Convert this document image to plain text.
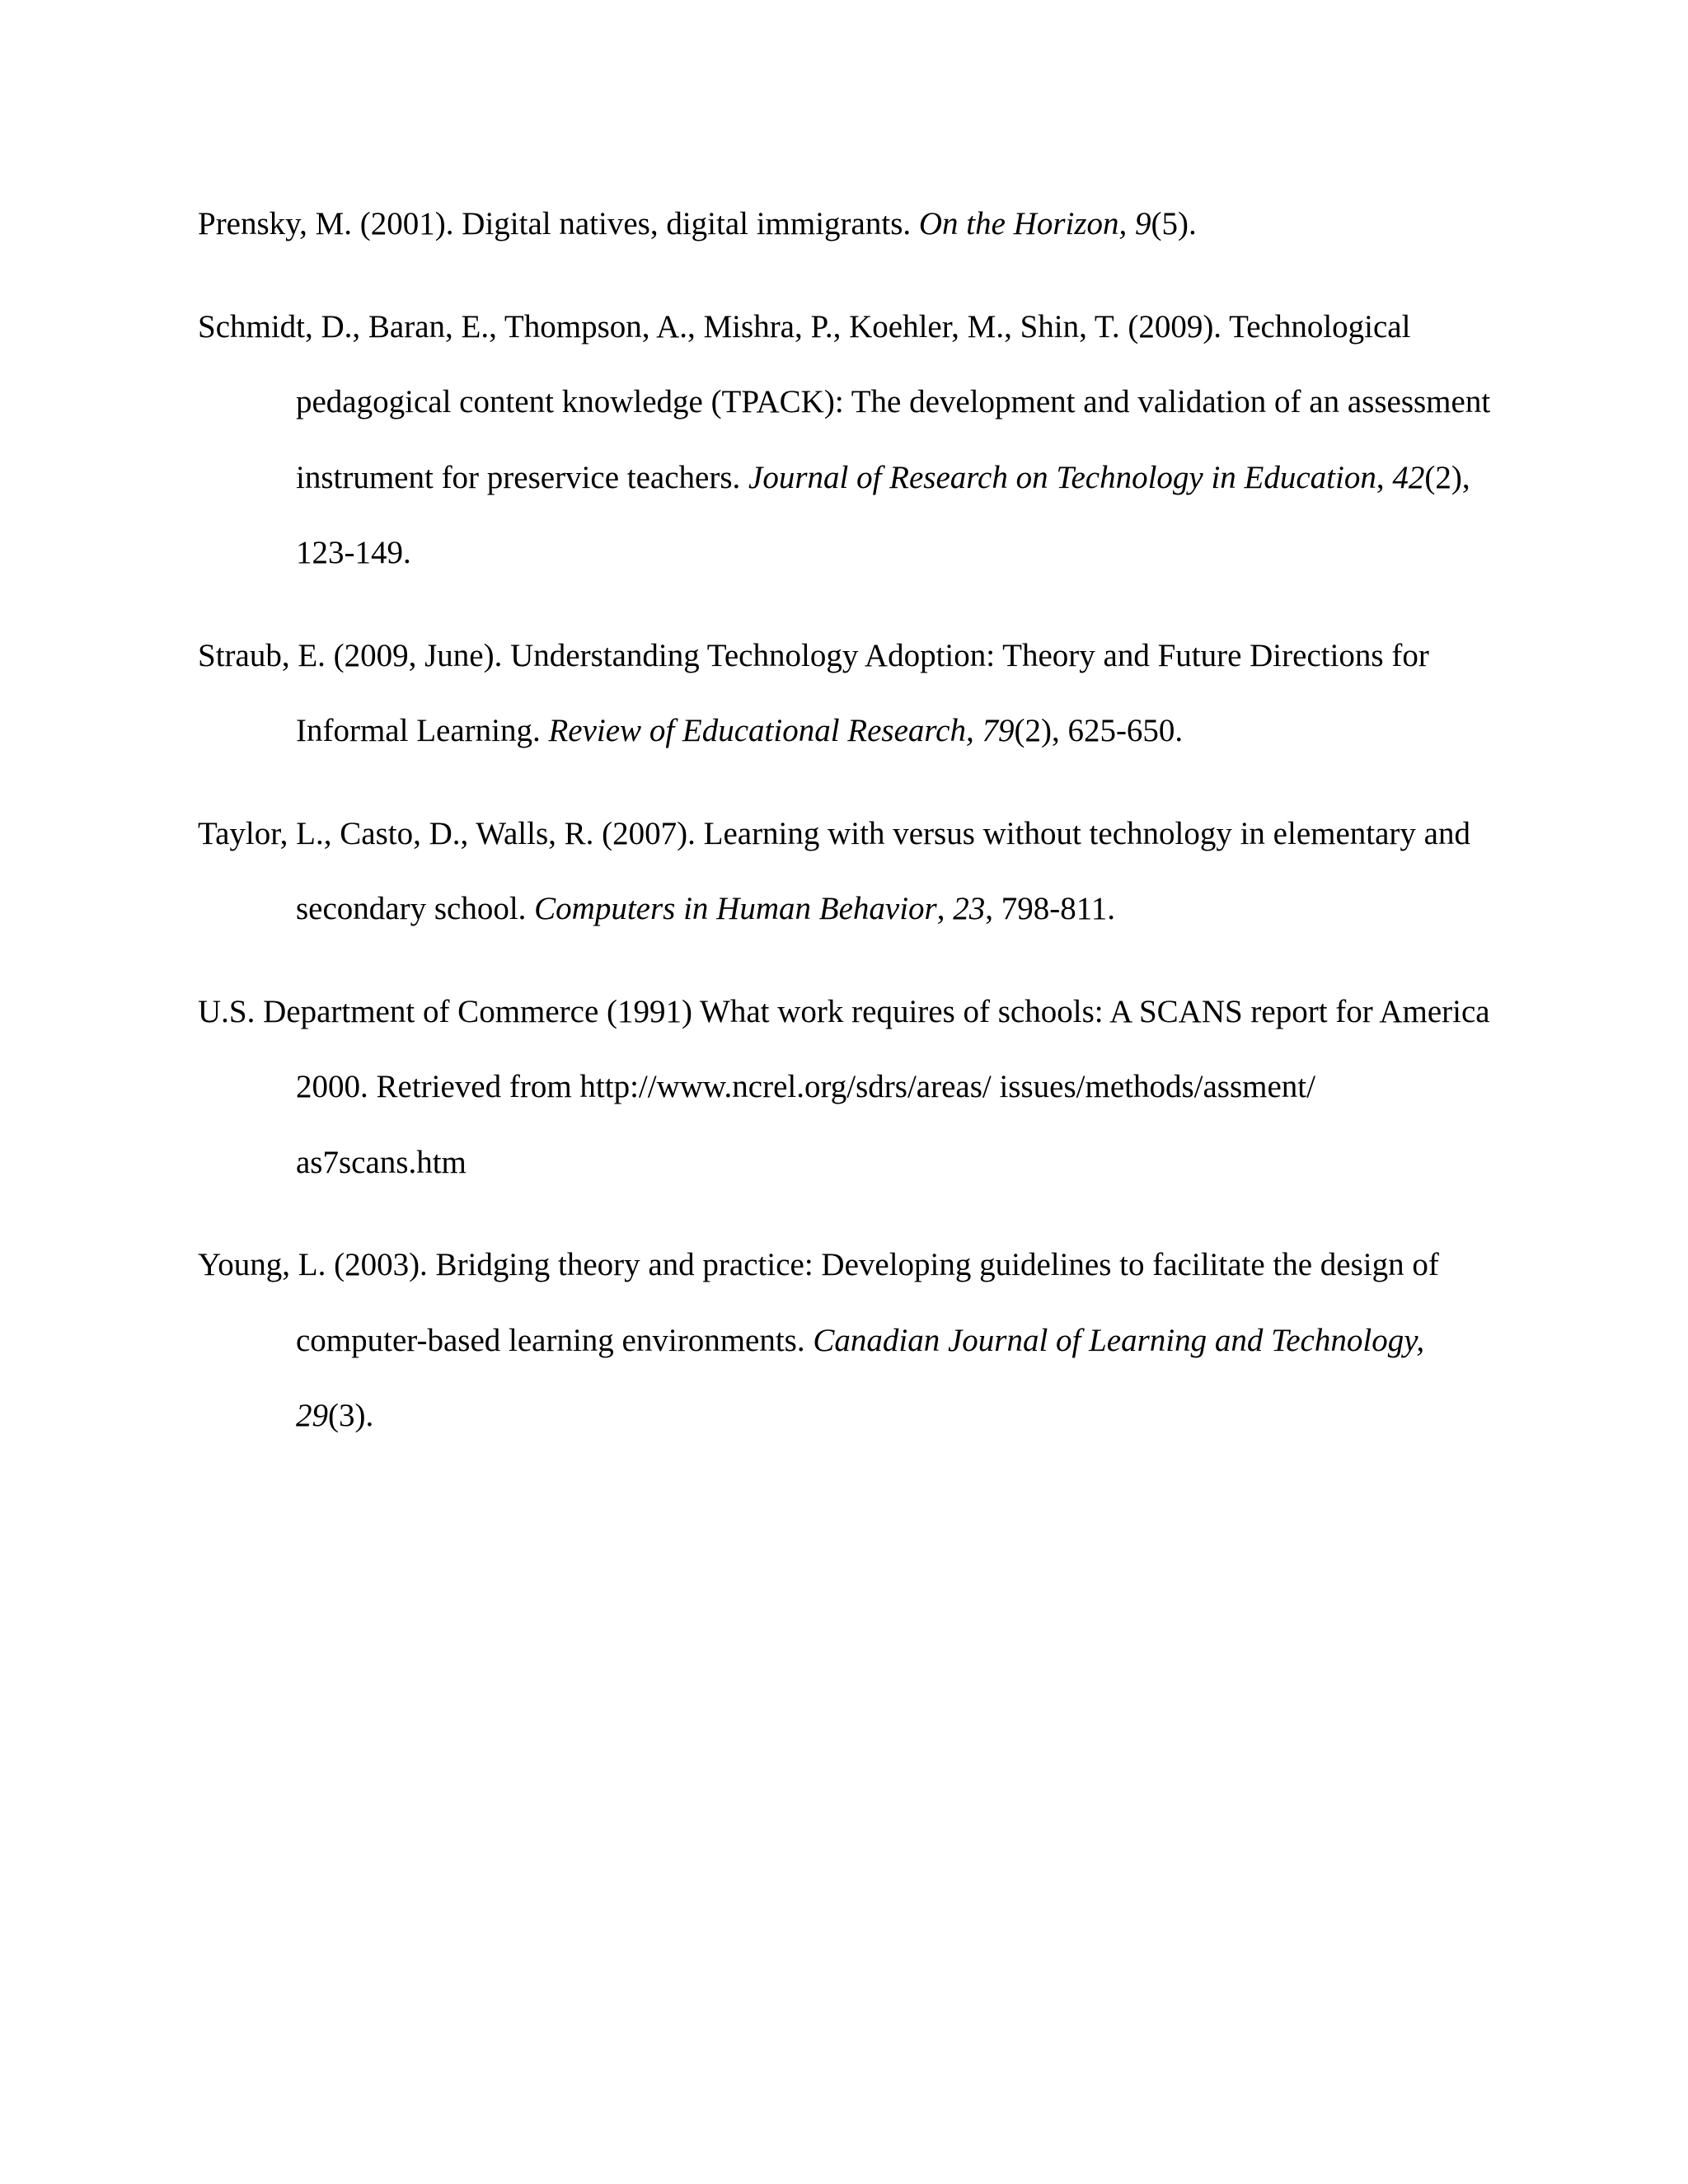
Prensky, M. (2001). Digital natives, digital immigrants. On the Horizon, 9(5).

Schmidt, D., Baran, E., Thompson, A., Mishra, P., Koehler, M., Shin, T. (2009). Technological pedagogical content knowledge (TPACK): The development and validation of an assessment instrument for preservice teachers. Journal of Research on Technology in Education, 42(2), 123-149.

Straub, E. (2009, June). Understanding Technology Adoption: Theory and Future Directions for Informal Learning. Review of Educational Research, 79(2), 625-650.

Taylor, L., Casto, D., Walls, R. (2007). Learning with versus without technology in elementary and secondary school. Computers in Human Behavior, 23, 798-811.

U.S. Department of Commerce (1991) What work requires of schools: A SCANS report for America 2000. Retrieved from http://www.ncrel.org/sdrs/areas/ issues/methods/assment/ as7scans.htm

Young, L. (2003). Bridging theory and practice: Developing guidelines to facilitate the design of computer-based learning environments. Canadian Journal of Learning and Technology, 29(3).
